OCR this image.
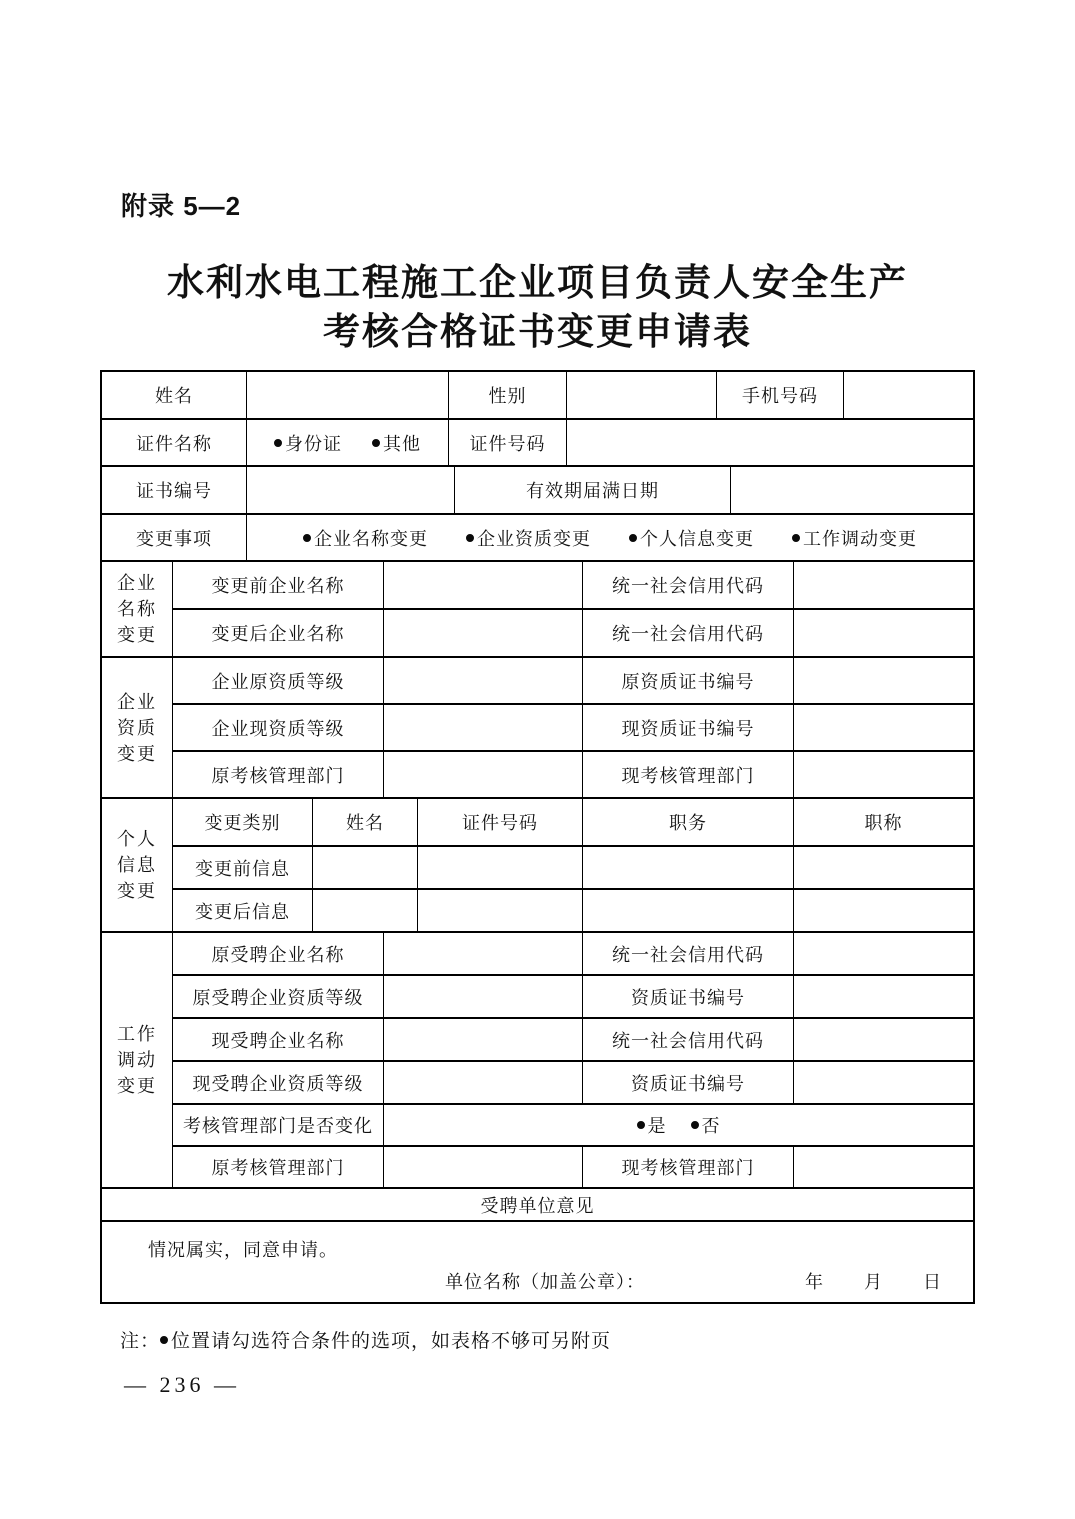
附录 5—2
水利水电工程施工企业项目负责人安全生产
考核合格证书变更申请表
姓名	性别	手机号码
证件名称	身份证 其他	证件号码
证书编号	有效期届满日期
变更事项	企业名称变更	企业资质变更	个人信息变更	工作调动变更
企业名称变更
变更前企业名称	统一社会信用代码
变更后企业名称	统一社会信用代码
企业资质变更
企业原资质等级	原资质证书编号
企业现资质等级	现资质证书编号
原考核管理部门	现考核管理部门
个人信息变更
变更类别	姓名	证件号码	职务	职称
变更前信息
变更后信息
工作调动变更
原受聘企业名称	统一社会信用代码
原受聘企业资质等级	资质证书编号
现受聘企业名称	统一社会信用代码
现受聘企业资质等级	资质证书编号
考核管理部门是否变化	是 否
原考核管理部门	现考核管理部门
受聘单位意见
情况属实，同意申请。
单位名称（加盖公章）：	年 月 日
注： 位置请勾选符合条件的选项，如表格不够可另附页
— 236 —
